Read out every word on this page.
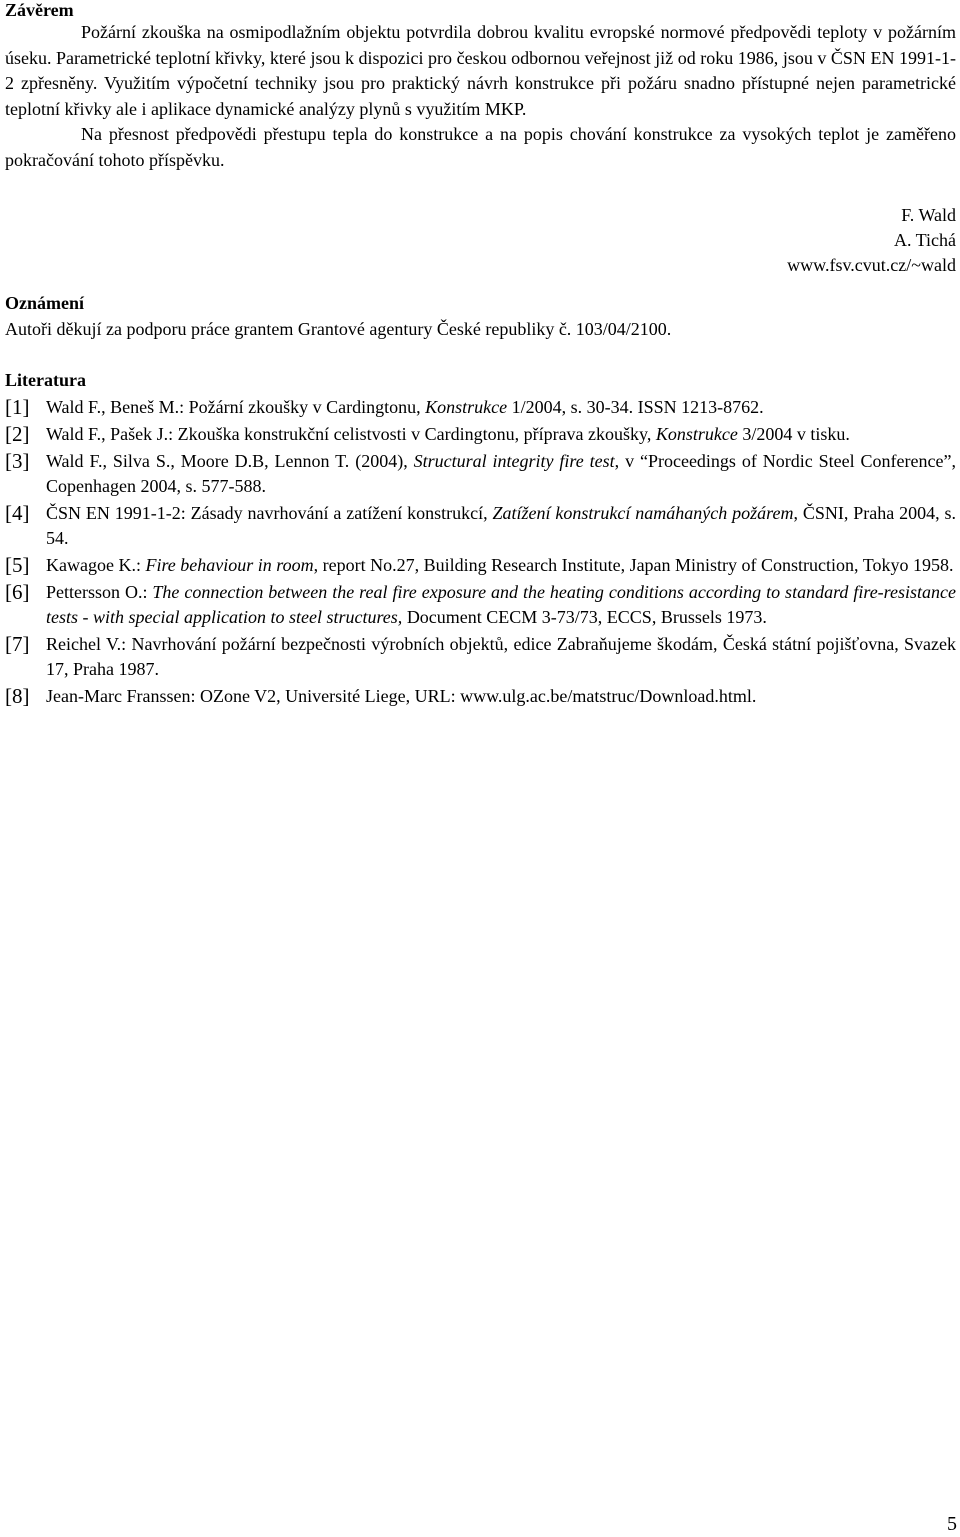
Závěrem

Požární zkouška na osmipodlažním objektu potvrdila dobrou kvalitu evropské normové předpovědi teploty v požárním úseku. Parametrické teplotní křivky, které jsou k dispozici pro českou odbornou veřejnost již od roku 1986, jsou v ČSN EN 1991-1-2 zpřesněny. Využitím výpočetní techniky jsou pro praktický návrh konstrukce při požáru snadno přístupné nejen parametrické teplotní křivky ale i aplikace dynamické analýzy plynů s využitím MKP.

Na přesnost předpovědi přestupu tepla do konstrukce a na popis chování konstrukce za vysokých teplot je zaměřeno pokračování tohoto příspěvku.

F. Wald
A. Tichá
www.fsv.cvut.cz/~wald
Oznámení
Autoři děkují za podporu práce grantem Grantové agentury České republiky č. 103/04/2100.
Literatura
[1] Wald F., Beneš M.: Požární zkoušky v Cardingtonu, Konstrukce 1/2004, s. 30-34. ISSN 1213-8762.
[2] Wald F., Pašek J.: Zkouška konstrukční celistvosti v Cardingtonu, příprava zkoušky, Konstrukce 3/2004 v tisku.
[3] Wald F., Silva S., Moore D.B, Lennon T. (2004), Structural integrity fire test, v “Proceedings of Nordic Steel Conference”, Copenhagen 2004, s. 577-588.
[4] ČSN EN 1991-1-2: Zásady navrhování a zatížení konstrukcí, Zatížení konstrukcí namáhaných požárem, ČSNI, Praha 2004, s. 54.
[5] Kawagoe K.: Fire behaviour in room, report No.27, Building Research Institute, Japan Ministry of Construction, Tokyo 1958.
[6] Pettersson O.: The connection between the real fire exposure and the heating conditions according to standard fire-resistance tests - with special application to steel structures, Document CECM 3-73/73, ECCS, Brussels 1973.
[7] Reichel V.: Navrhování požární bezpečnosti výrobních objektů, edice Zabraňujeme škodám, Česká státní pojišťovna, Svazek 17, Praha 1987.
[8] Jean-Marc Franssen: OZone V2, Université Liege, URL: www.ulg.ac.be/matstruc/Download.html.
5
